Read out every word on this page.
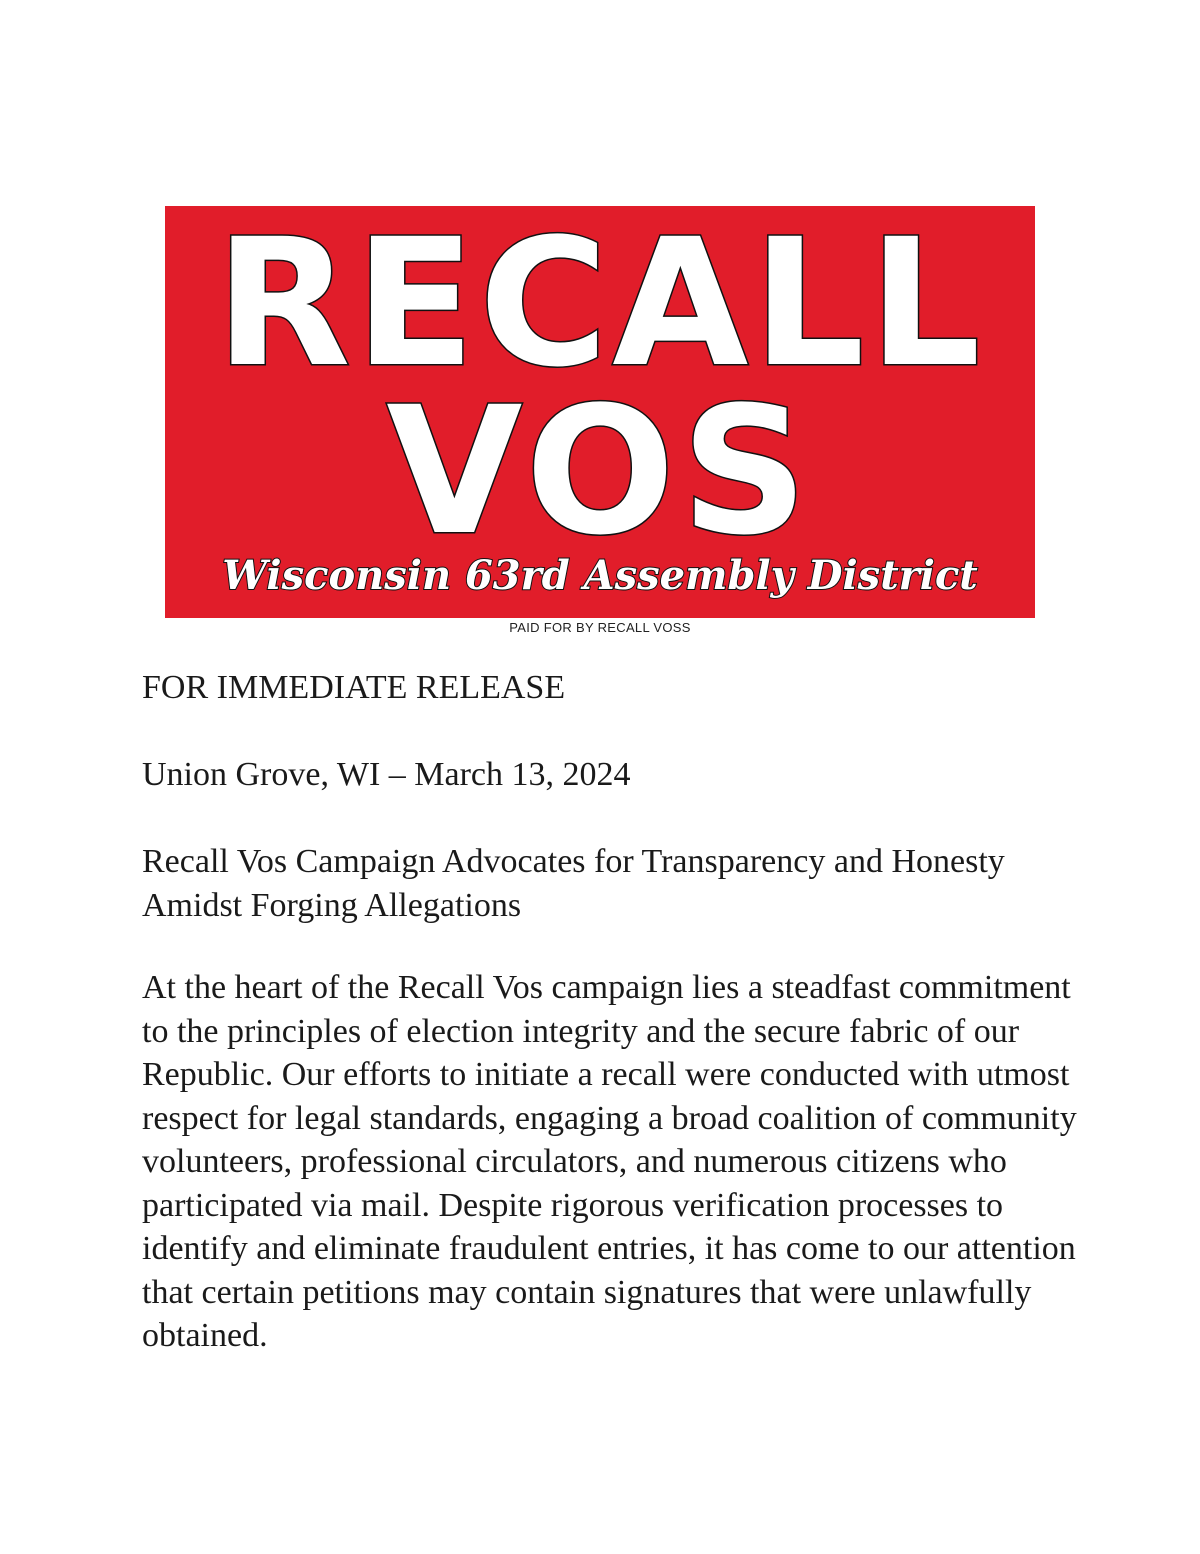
RECALL
VOS
Wisconsin 63rd Assembly District
PAID FOR BY RECALL VOSS

FOR IMMEDIATE RELEASE

Union Grove, WI – March 13, 2024

Recall Vos Campaign Advocates for Transparency and Honesty Amidst Forging Allegations

At the heart of the Recall Vos campaign lies a steadfast commitment to the principles of election integrity and the secure fabric of our Republic. Our efforts to initiate a recall were conducted with utmost respect for legal standards, engaging a broad coalition of community volunteers, professional circulators, and numerous citizens who participated via mail. Despite rigorous verification processes to identify and eliminate fraudulent entries, it has come to our attention that certain petitions may contain signatures that were unlawfully obtained.
